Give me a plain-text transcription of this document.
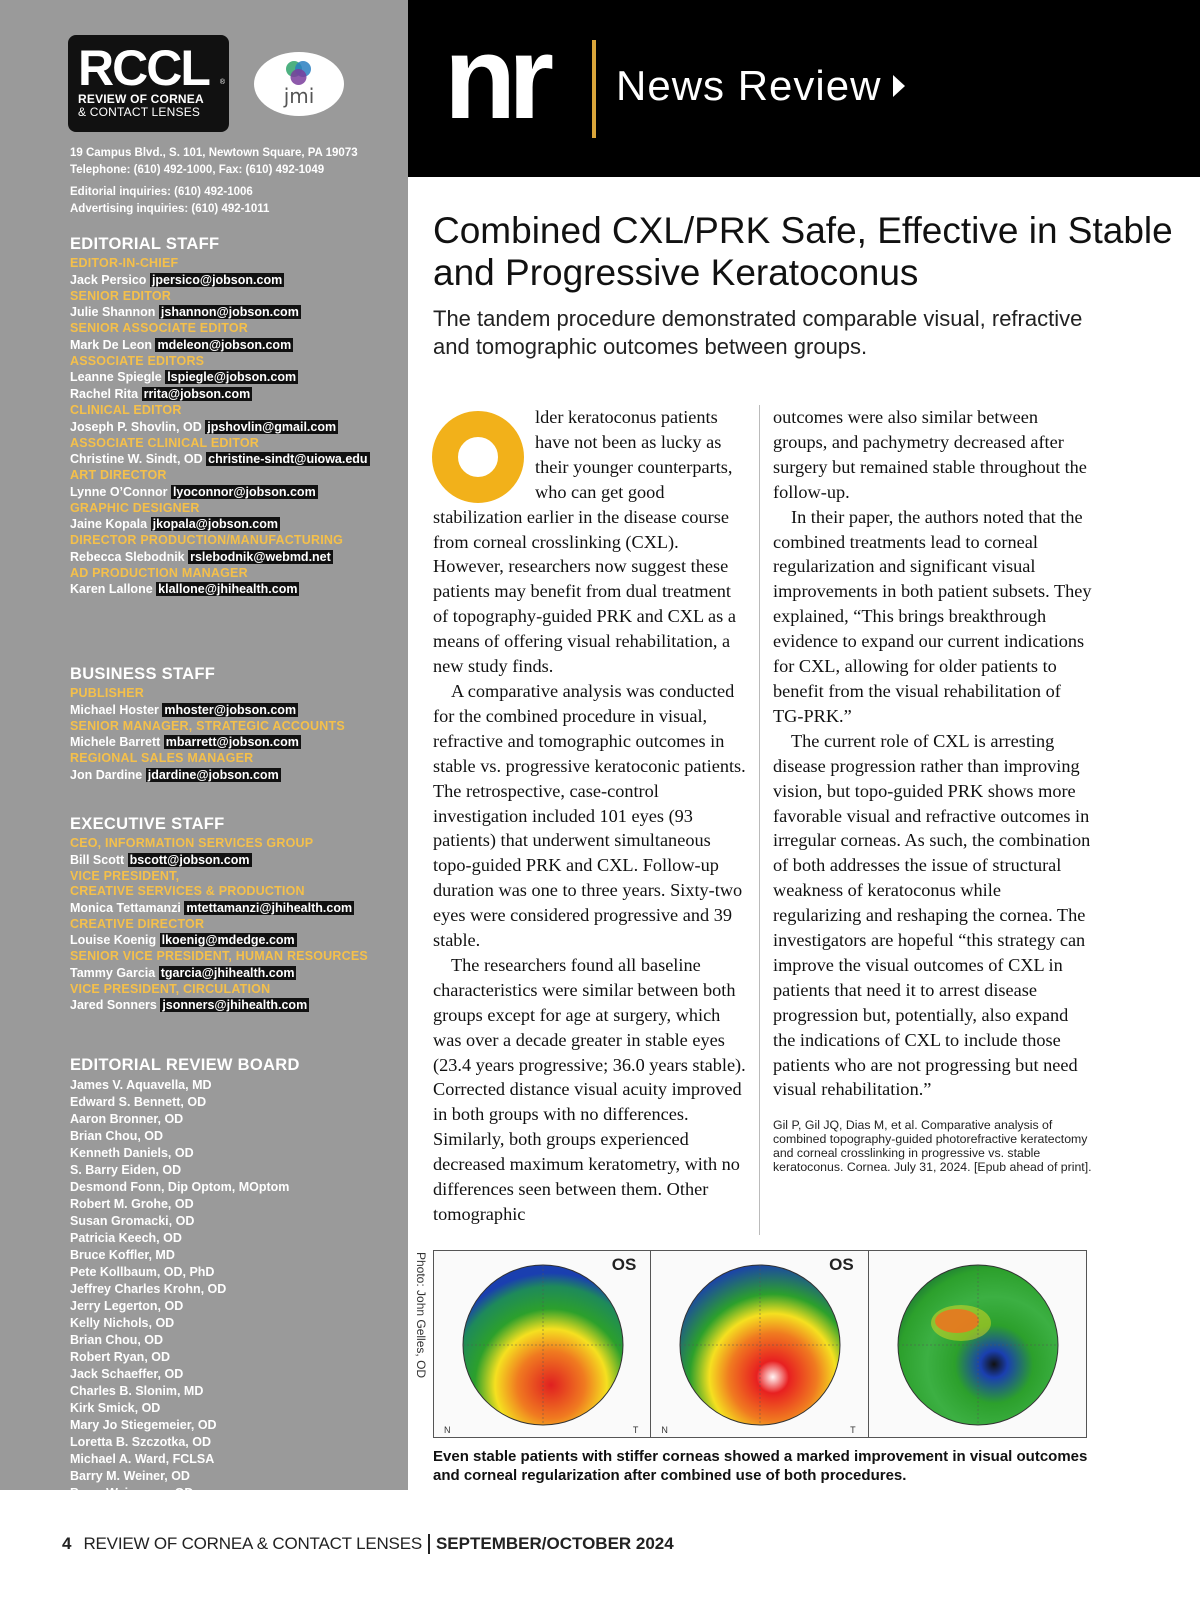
RCCL	®
REVIEW OF CORNEA
& CONTACT LENSES
jmi
19 Campus Blvd., S. 101, Newtown Square, PA 19073
Telephone: (610) 492-1000, Fax: (610) 492-1049
Editorial inquiries: (610) 492-1006
Advertising inquiries: (610) 492-1011
EDITORIAL STAFF
EDITOR-IN-CHIEF
Jack Persico jpersico@jobson.com
SENIOR EDITOR
Julie Shannon jshannon@jobson.com
SENIOR ASSOCIATE EDITOR
Mark De Leon mdeleon@jobson.com
ASSOCIATE EDITORS
Leanne Spiegle lspiegle@jobson.com
Rachel Rita rrita@jobson.com
CLINICAL EDITOR
Joseph P. Shovlin, OD jpshovlin@gmail.com
ASSOCIATE CLINICAL EDITOR
Christine W. Sindt, OD christine-sindt@uiowa.edu
ART DIRECTOR
Lynne O’Connor lyoconnor@jobson.com
GRAPHIC DESIGNER
Jaine Kopala jkopala@jobson.com
DIRECTOR PRODUCTION/MANUFACTURING
Rebecca Slebodnik rslebodnik@webmd.net
AD PRODUCTION MANAGER
Karen Lallone klallone@jhihealth.com
BUSINESS STAFF
PUBLISHER
Michael Hoster mhoster@jobson.com
SENIOR MANAGER, STRATEGIC ACCOUNTS
Michele Barrett mbarrett@jobson.com
REGIONAL SALES MANAGER
Jon Dardine jdardine@jobson.com
EXECUTIVE STAFF
CEO, INFORMATION SERVICES GROUP
Bill Scott bscott@jobson.com
VICE PRESIDENT,
CREATIVE SERVICES & PRODUCTION
Monica Tettamanzi mtettamanzi@jhihealth.com
CREATIVE DIRECTOR
Louise Koenig lkoenig@mdedge.com
SENIOR VICE PRESIDENT, HUMAN RESOURCES
Tammy Garcia tgarcia@jhihealth.com
VICE PRESIDENT, CIRCULATION
Jared Sonners jsonners@jhihealth.com
EDITORIAL REVIEW BOARD
James V. Aquavella, MD
Edward S. Bennett, OD
Aaron Bronner, OD
Brian Chou, OD
Kenneth Daniels, OD
S. Barry Eiden, OD
Desmond Fonn, Dip Optom, MOptom
Robert M. Grohe, OD
Susan Gromacki, OD
Patricia Keech, OD
Bruce Koffler, MD
Pete Kollbaum, OD, PhD
Jeffrey Charles Krohn, OD
Jerry Legerton, OD
Kelly Nichols, OD
Brian Chou, OD
Robert Ryan, OD
Jack Schaeffer, OD
Charles B. Slonim, MD
Kirk Smick, OD
Mary Jo Stiegemeier, OD
Loretta B. Szczotka, OD
Michael A. Ward, FCLSA
Barry M. Weiner, OD
Barry Weissman, OD
nr News Review
Combined CXL/PRK Safe, Effective in Stable and Progressive Keratoconus
The tandem procedure demonstrated comparable visual, refractive and tomographic outcomes between groups.

lder keratoconus patients have not been as lucky as their younger counterparts, who can get good stabilization earlier in the disease course from corneal crosslinking (CXL). However, researchers now suggest these patients may benefit from dual treatment of topography-guided PRK and CXL as a means of offering visual rehabilitation, a new study finds.

A comparative analysis was conducted for the combined procedure in visual, refractive and tomographic outcomes in stable vs. progressive keratoconic patients. The retrospective, case-control investigation included 101 eyes (93 patients) that underwent simultaneous topo-guided PRK and CXL. Follow-up duration was one to three years. Sixty-two eyes were considered progressive and 39 stable.

The researchers found all baseline characteristics were similar between both groups except for age at surgery, which was over a decade greater in stable eyes (23.4 years progressive; 36.0 years stable). Corrected distance visual acuity improved in both groups with no differences. Similarly, both groups experienced decreased maximum keratometry, with no differences seen between them. Other tomographic

outcomes were also similar between groups, and pachymetry decreased after surgery but remained stable throughout the follow-up.

In their paper, the authors noted that the combined treatments lead to corneal regularization and significant visual improvements in both patient subsets. They explained, “This brings breakthrough evidence to expand our current indications for CXL, allowing for older patients to benefit from the visual rehabilitation of TG-PRK.”

The current role of CXL is arresting disease progression rather than improving vision, but topo-guided PRK shows more favorable visual and refractive outcomes in irregular corneas. As such, the combination of both addresses the issue of structural weakness of keratoconus while regularizing and reshaping the cornea. The investigators are hopeful “this strategy can improve the visual outcomes of CXL in patients that need it to arrest disease progression but, potentially, also expand the indications of CXL to include those patients who are not progressing but need visual rehabilitation.”

Gil P, Gil JQ, Dias M, et al. Comparative analysis of combined topography-guided photorefractive keratectomy and corneal crosslinking in progressive vs. stable keratoconus. Cornea. July 31, 2024. [Epub ahead of print].
Photo: John Gelles, OD	OS
N	T
OS
N	T
Even stable patients with stiffer corneas showed a marked improvement in visual outcomes and corneal regularization after combined use of both procedures.
4 REVIEW OF CORNEA & CONTACT LENSES SEPTEMBER/OCTOBER 2024
